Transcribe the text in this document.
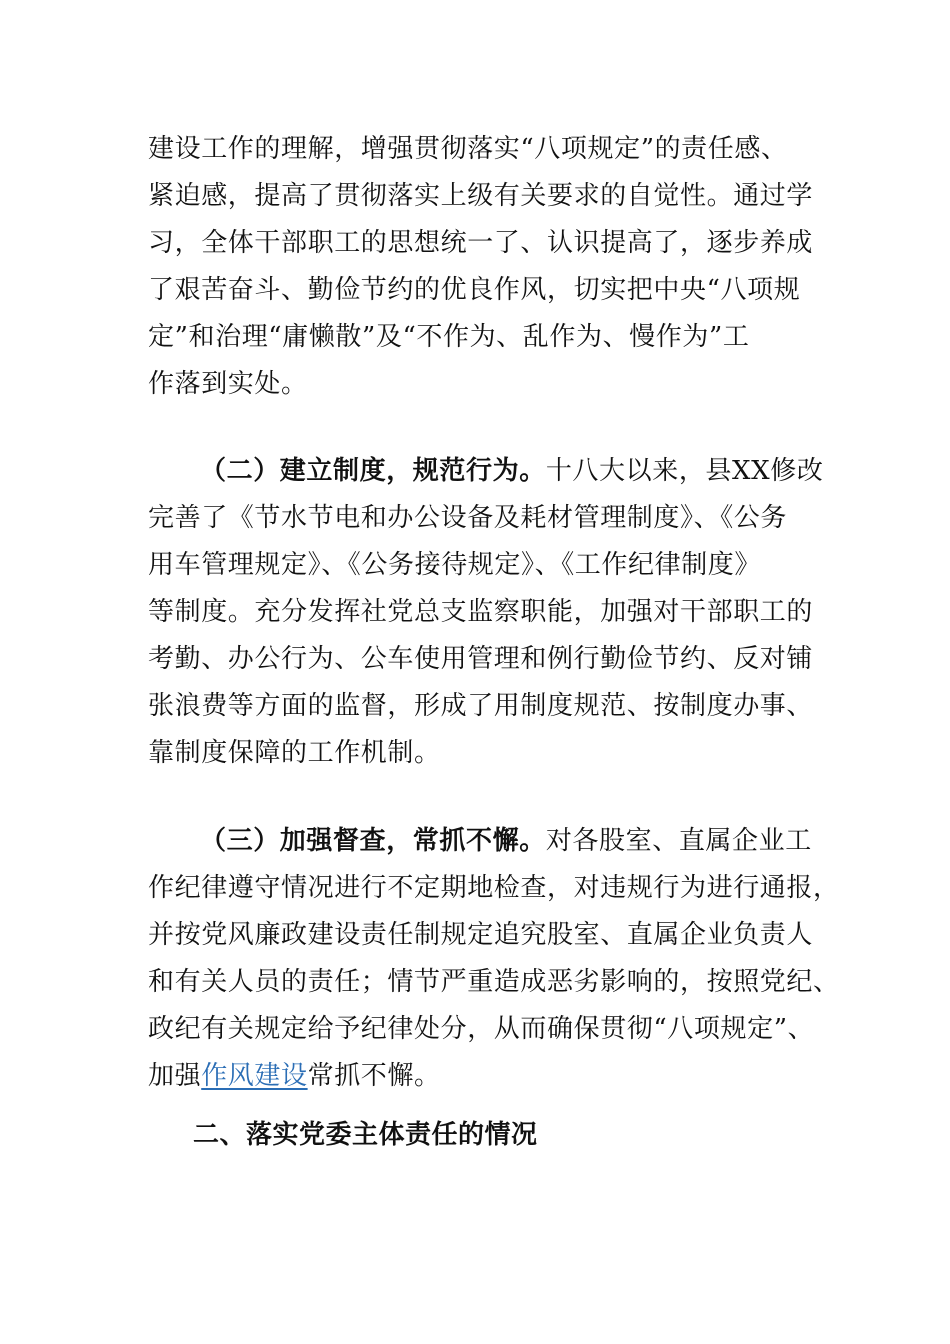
建设工作的理解，增强贯彻落实“八项规定”的责任感、
紧迫感，提高了贯彻落实上级有关要求的自觉性。通过学
习，全体干部职工的思想统一了、认识提高了，逐步养成
了艰苦奋斗、勤俭节约的优良作风，切实把中央“八项规
定”和治理“庸懒散”及“不作为、乱作为、慢作为”工
作落到实处。
（二）建立制度，规范行为。十八大以来，县XX修改
完善了《节水节电和办公设备及耗材管理制度》、《公务
用车管理规定》、《公务接待规定》、《工作纪律制度》
等制度。充分发挥社党总支监察职能，加强对干部职工的
考勤、办公行为、公车使用管理和例行勤俭节约、反对铺
张浪费等方面的监督，形成了用制度规范、按制度办事、
靠制度保障的工作机制。
（三）加强督查，常抓不懈。对各股室、直属企业工
作纪律遵守情况进行不定期地检查，对违规行为进行通报，
并按党风廉政建设责任制规定追究股室、直属企业负责人
和有关人员的责任；情节严重造成恶劣影响的，按照党纪、
政纪有关规定给予纪律处分，从而确保贯彻“八项规定”、
加强作风建设常抓不懈。
二、落实党委主体责任的情况
